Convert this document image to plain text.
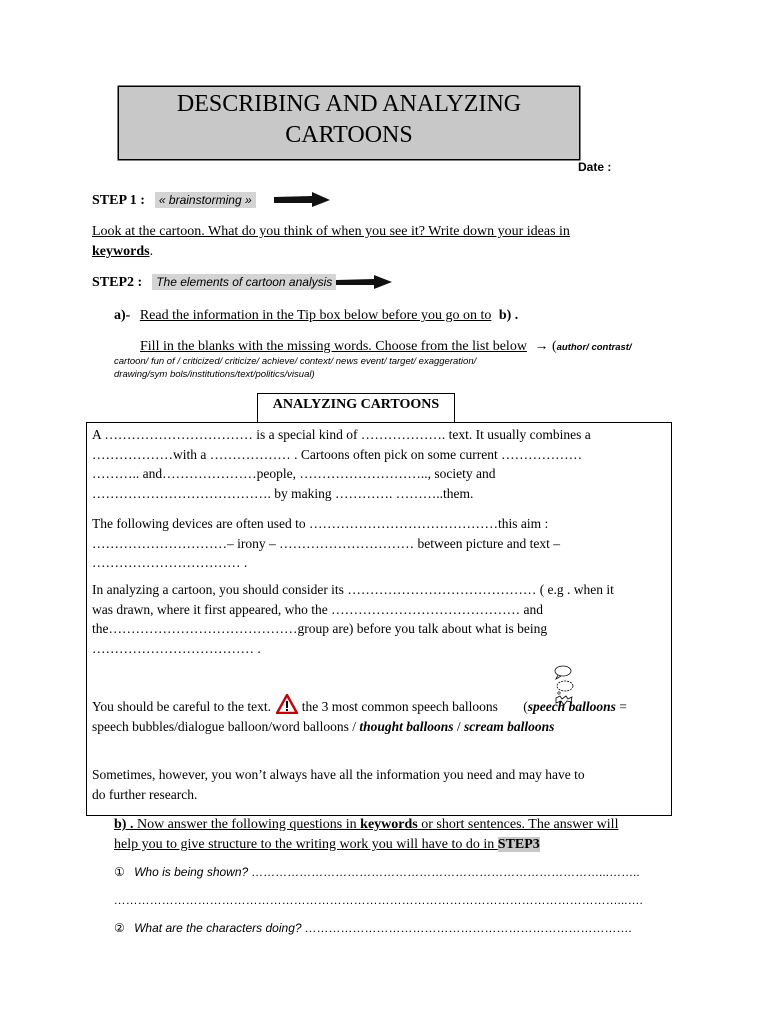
DESCRIBING AND ANALYZING
CARTOONS
Date :
STEP 1 : « brainstorming »
Look at the cartoon. What do you think of when you see it? Write down your ideas in
keywords.
STEP2 : The elements of cartoon analysis
a)- Read the information in the Tip box below before you go on to b) .
Fill in the blanks with the missing words. Choose from the list below → (author/ contrast/
cartoon/ fun of / criticized/ criticize/ achieve/ context/ news event/ target/ exaggeration/
drawing/sym bols/institutions/text/politics/visual)
ANALYZING CARTOONS
A …………………………… is a special kind of ………………. text. It usually combines a
………………with a ……………… . Cartoons often pick on some current ………………
……….. and…………………people, ……………………….., society and
…………………………………. by making …………. ………..them.
The following devices are often used to ……………………………………this aim :
…………………………– irony – ………………………… between picture and text –
…………………………… .
In analyzing a cartoon, you should consider its …………………………………… ( e.g . when it
was drawn, where it first appeared, who the …………………………………… and
the……………………………………group are) before you talk about what is being
……………………………… .
You should be careful to the text. the 3 most common speech balloons (speech balloons = speech bubbles/dialogue balloon/word balloons / thought balloons / scream balloons
Sometimes, however, you won’t always have all the information you need and may have to
do further research.
b) . Now answer the following questions in keywords or short sentences. The answer will
help you to give structure to the writing work you will have to do in STEP3
① Who is being shown? ……………………………………………………………………………...……..
………………………………………………………………………………………………………………...….
② What are the characters doing? ……………………………………………………………………….
